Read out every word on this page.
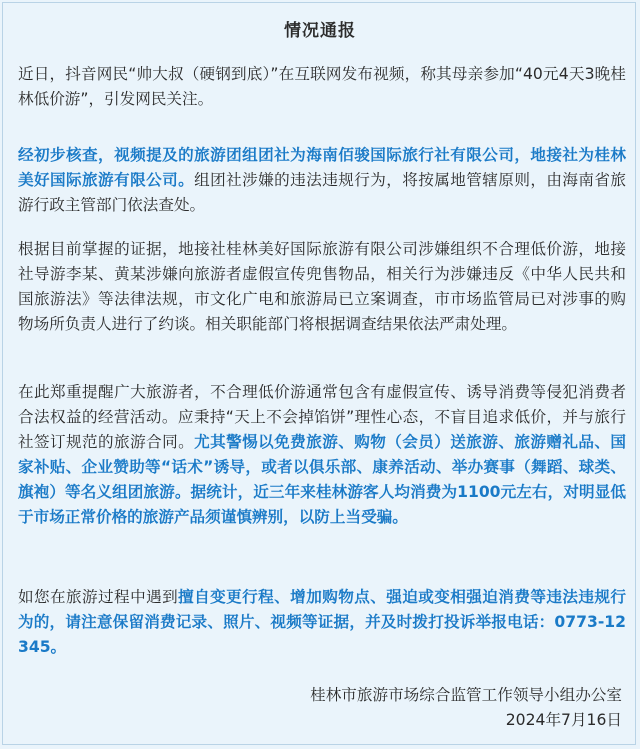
情况通报
近日，抖音网民“帅大叔（硬钢到底）”在互联网发布视频，称其母亲参加“40元4天3晚桂林低价游”，引发网民关注。
经初步核查，视频提及的旅游团组团社为海南佰骏国际旅行社有限公司，地接社为桂林美好国际旅游有限公司。组团社涉嫌的违法违规行为，将按属地管辖原则，由海南省旅游行政主管部门依法查处。
根据目前掌握的证据，地接社桂林美好国际旅游有限公司涉嫌组织不合理低价游，地接社导游李某、黄某涉嫌向旅游者虚假宣传兜售物品，相关行为涉嫌违反《中华人民共和国旅游法》等法律法规，市文化广电和旅游局已立案调查，市市场监管局已对涉事的购物场所负责人进行了约谈。相关职能部门将根据调查结果依法严肃处理。
在此郑重提醒广大旅游者，不合理低价游通常包含有虚假宣传、诱导消费等侵犯消费者合法权益的经营活动。应秉持“天上不会掉馅饼”理性心态，不盲目追求低价，并与旅行社签订规范的旅游合同。尤其警惕以免费旅游、购物（会员）送旅游、旅游赠礼品、国家补贴、企业赞助等“话术”诱导，或者以俱乐部、康养活动、举办赛事（舞蹈、球类、旗袍）等名义组团旅游。据统计，近三年来桂林游客人均消费为1100元左右，对明显低于市场正常价格的旅游产品须谨慎辨别，以防上当受骗。
如您在旅游过程中遇到擅自变更行程、增加购物点、强迫或变相强迫消费等违法违规行为的，请注意保留消费记录、照片、视频等证据，并及时拨打投诉举报电话：0773-12345。
桂林市旅游市场综合监管工作领导小组办公室
2024年7月16日
